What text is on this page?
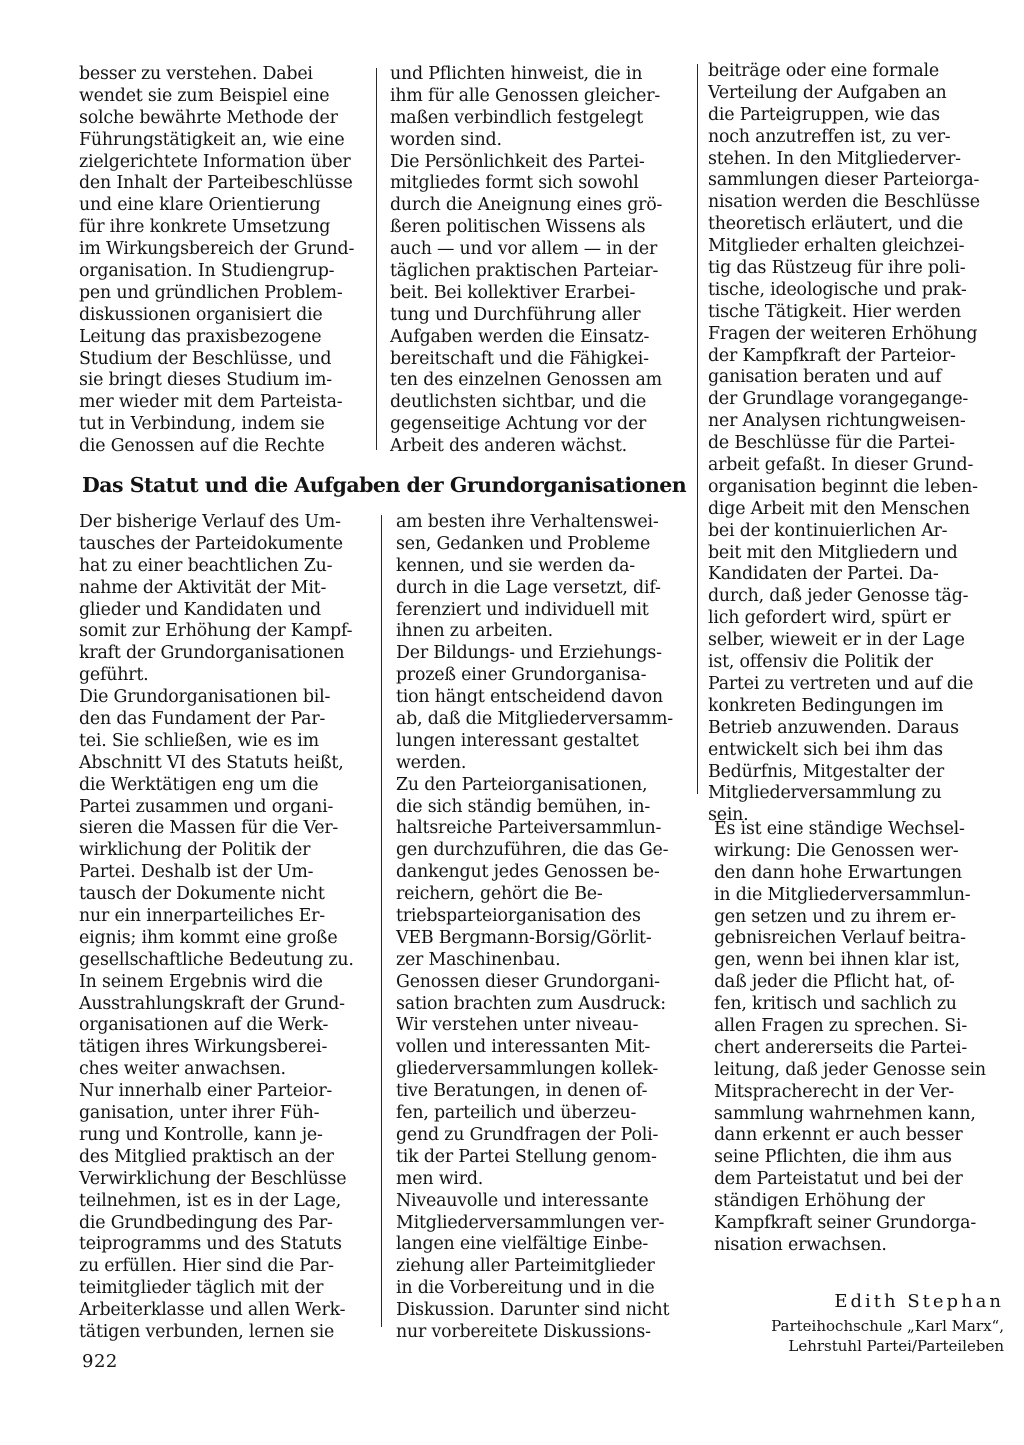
besser zu verstehen. Dabei
wendet sie zum Beispiel eine
solche bewährte Methode der
Führungstätigkeit an, wie eine
zielgerichtete Information über
den Inhalt der Parteibeschlüsse
und eine klare Orientierung
für ihre konkrete Umsetzung
im Wirkungsbereich der Grund-
organisation. In Studiengrup-
pen und gründlichen Problem-
diskussionen organisiert die
Leitung das praxisbezogene
Studium der Beschlüsse, und
sie bringt dieses Studium im-
mer wieder mit dem Parteista-
tut in Verbindung, indem sie
die Genossen auf die Rechte
und Pflichten hinweist, die in
ihm für alle Genossen gleicher-
maßen verbindlich festgelegt
worden sind.
Die Persönlichkeit des Partei-
mitgliedes formt sich sowohl
durch die Aneignung eines grö-
ßeren politischen Wissens als
auch — und vor allem — in der
täglichen praktischen Parteiar-
beit. Bei kollektiver Erarbei-
tung und Durchführung aller
Aufgaben werden die Einsatz-
bereitschaft und die Fähigkei-
ten des einzelnen Genossen am
deutlichsten sichtbar, und die
gegenseitige Achtung vor der
Arbeit des anderen wächst.
Das Statut und die Aufgaben der Grundorganisationen
Der bisherige Verlauf des Um-
tausches der Parteidokumente
hat zu einer beachtlichen Zu-
nahme der Aktivität der Mit-
glieder und Kandidaten und
somit zur Erhöhung der Kampf-
kraft der Grundorganisationen
geführt.
Die Grundorganisationen bil-
den das Fundament der Par-
tei. Sie schließen, wie es im
Abschnitt VI des Statuts heißt,
die Werktätigen eng um die
Partei zusammen und organi-
sieren die Massen für die Ver-
wirklichung der Politik der
Partei. Deshalb ist der Um-
tausch der Dokumente nicht
nur ein innerparteiliches Er-
eignis; ihm kommt eine große
gesellschaftliche Bedeutung zu.
In seinem Ergebnis wird die
Ausstrahlungskraft der Grund-
organisationen auf die Werk-
tätigen ihres Wirkungsberei-
ches weiter anwachsen.
Nur innerhalb einer Parteior-
ganisation, unter ihrer Füh-
rung und Kontrolle, kann je-
des Mitglied praktisch an der
Verwirklichung der Beschlüsse
teilnehmen, ist es in der Lage,
die Grundbedingung des Par-
teiprogramms und des Statuts
zu erfüllen. Hier sind die Par-
teimitglieder täglich mit der
Arbeiterklasse und allen Werk-
tätigen verbunden, lernen sie
am besten ihre Verhaltenswei-
sen, Gedanken und Probleme
kennen, und sie werden da-
durch in die Lage versetzt, dif-
ferenziert und individuell mit
ihnen zu arbeiten.
Der Bildungs- und Erziehungs-
prozeß einer Grundorganisa-
tion hängt entscheidend davon
ab, daß die Mitgliederversamm-
lungen interessant gestaltet
werden.
Zu den Parteiorganisationen,
die sich ständig bemühen, in-
haltsreiche Parteiversammlun-
gen durchzuführen, die das Ge-
dankengut jedes Genossen be-
reichern, gehört die Be-
triebsparteiorganisation des
VEB Bergmann-Borsig/Görlit-
zer Maschinenbau.
Genossen dieser Grundorgani-
sation brachten zum Ausdruck:
Wir verstehen unter niveau-
vollen und interessanten Mit-
gliederversammlungen kollek-
tive Beratungen, in denen of-
fen, parteilich und überzeu-
gend zu Grundfragen der Poli-
tik der Partei Stellung genom-
men wird.
Niveauvolle und interessante
Mitgliederversammlungen ver-
langen eine vielfältige Einbe-
ziehung aller Parteimitglieder
in die Vorbereitung und in die
Diskussion. Darunter sind nicht
nur vorbereitete Diskussions-
beiträge oder eine formale
Verteilung der Aufgaben an
die Parteigruppen, wie das
noch anzutreffen ist, zu ver-
stehen. In den Mitgliederver-
sammlungen dieser Parteiorga-
nisation werden die Beschlüsse
theoretisch erläutert, und die
Mitglieder erhalten gleichzei-
tig das Rüstzeug für ihre poli-
tische, ideologische und prak-
tische Tätigkeit. Hier werden
Fragen der weiteren Erhöhung
der Kampfkraft der Parteior-
ganisation beraten und auf
der Grundlage vorangegange-
ner Analysen richtungweisen-
de Beschlüsse für die Partei-
arbeit gefaßt. In dieser Grund-
organisation beginnt die leben-
dige Arbeit mit den Menschen
bei der kontinuierlichen Ar-
beit mit den Mitgliedern und
Kandidaten der Partei. Da-
durch, daß jeder Genosse täg-
lich gefordert wird, spürt er
selber, wieweit er in der Lage
ist, offensiv die Politik der
Partei zu vertreten und auf die
konkreten Bedingungen im
Betrieb anzuwenden. Daraus
entwickelt sich bei ihm das
Bedürfnis, Mitgestalter der
Mitgliederversammlung zu
sein.
Es ist eine ständige Wechsel-
wirkung: Die Genossen wer-
den dann hohe Erwartungen
in die Mitgliederversammlun-
gen setzen und zu ihrem er-
gebnisreichen Verlauf beitra-
gen, wenn bei ihnen klar ist,
daß jeder die Pflicht hat, of-
fen, kritisch und sachlich zu
allen Fragen zu sprechen. Si-
chert andererseits die Partei-
leitung, daß jeder Genosse sein
Mitspracherecht in der Ver-
sammlung wahrnehmen kann,
dann erkennt er auch besser
seine Pflichten, die ihm aus
dem Parteistatut und bei der
ständigen Erhöhung der
Kampfkraft seiner Grundorga-
nisation erwachsen.
Edith Stephan
Parteihochschule „Karl Marx“,
Lehrstuhl Partei/Parteileben
922
